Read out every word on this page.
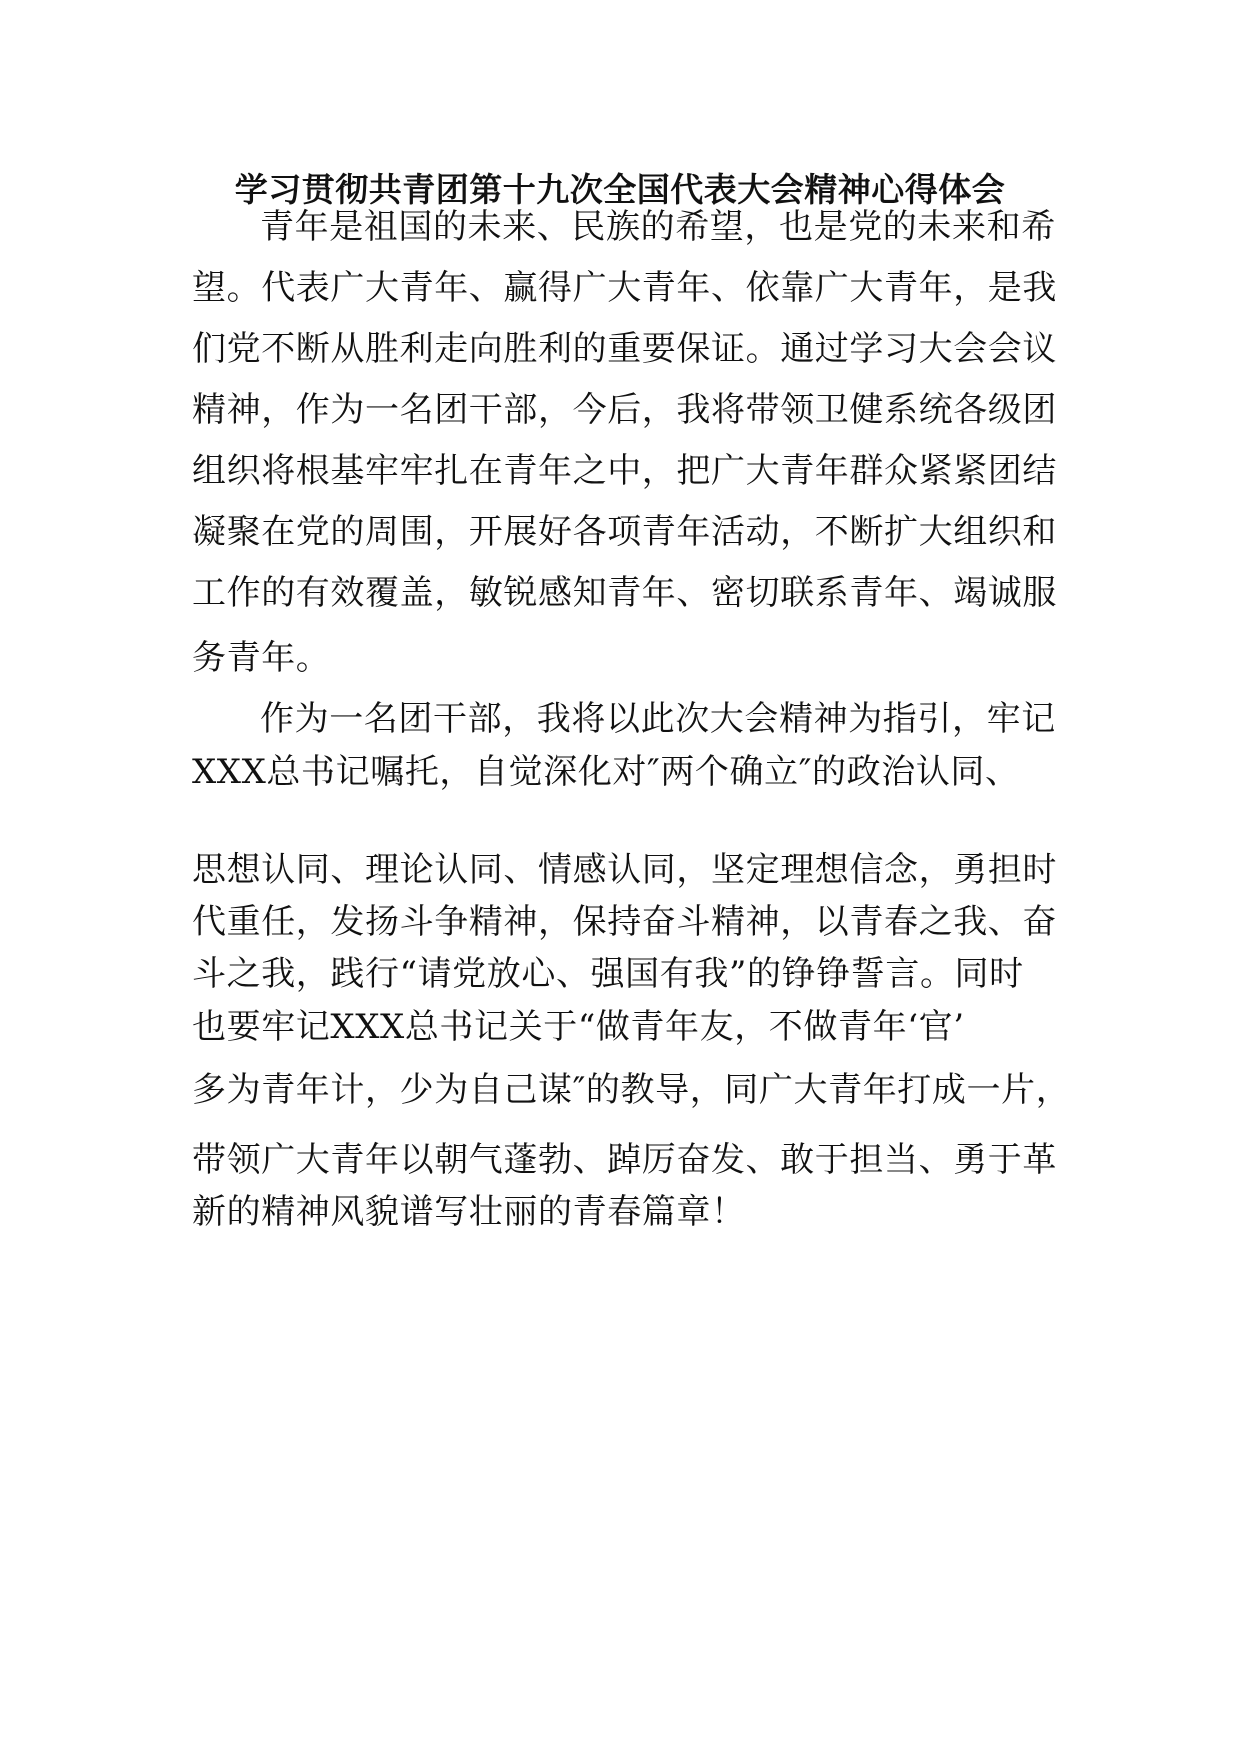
学习贯彻共青团第十九次全国代表大会精神心得体会
青年是祖国的未来、民族的希望，也是党的未来和希
望。代表广大青年、赢得广大青年、依靠广大青年，是我
们党不断从胜利走向胜利的重要保证。通过学习大会会议
精神，作为一名团干部，今后，我将带领卫健系统各级团
组织将根基牢牢扎在青年之中，把广大青年群众紧紧团结
凝聚在党的周围，开展好各项青年活动，不断扩大组织和
工作的有效覆盖，敏锐感知青年、密切联系青年、竭诚服
务青年。
作为一名团干部，我将以此次大会精神为指引，牢记
XXX总书记嘱托，自觉深化对″两个确立″的政治认同、
思想认同、理论认同、情感认同，坚定理想信念，勇担时
代重任，发扬斗争精神，保持奋斗精神，以青春之我、奋
斗之我，践行“请党放心、强国有我”的铮铮誓言。同时
也要牢记XXX总书记关于“做青年友，不做青年‘官’
多为青年计，少为自己谋″的教导，同广大青年打成一片，
带领广大青年以朝气蓬勃、踔厉奋发、敢于担当、勇于革
新的精神风貌谱写壮丽的青春篇章！
